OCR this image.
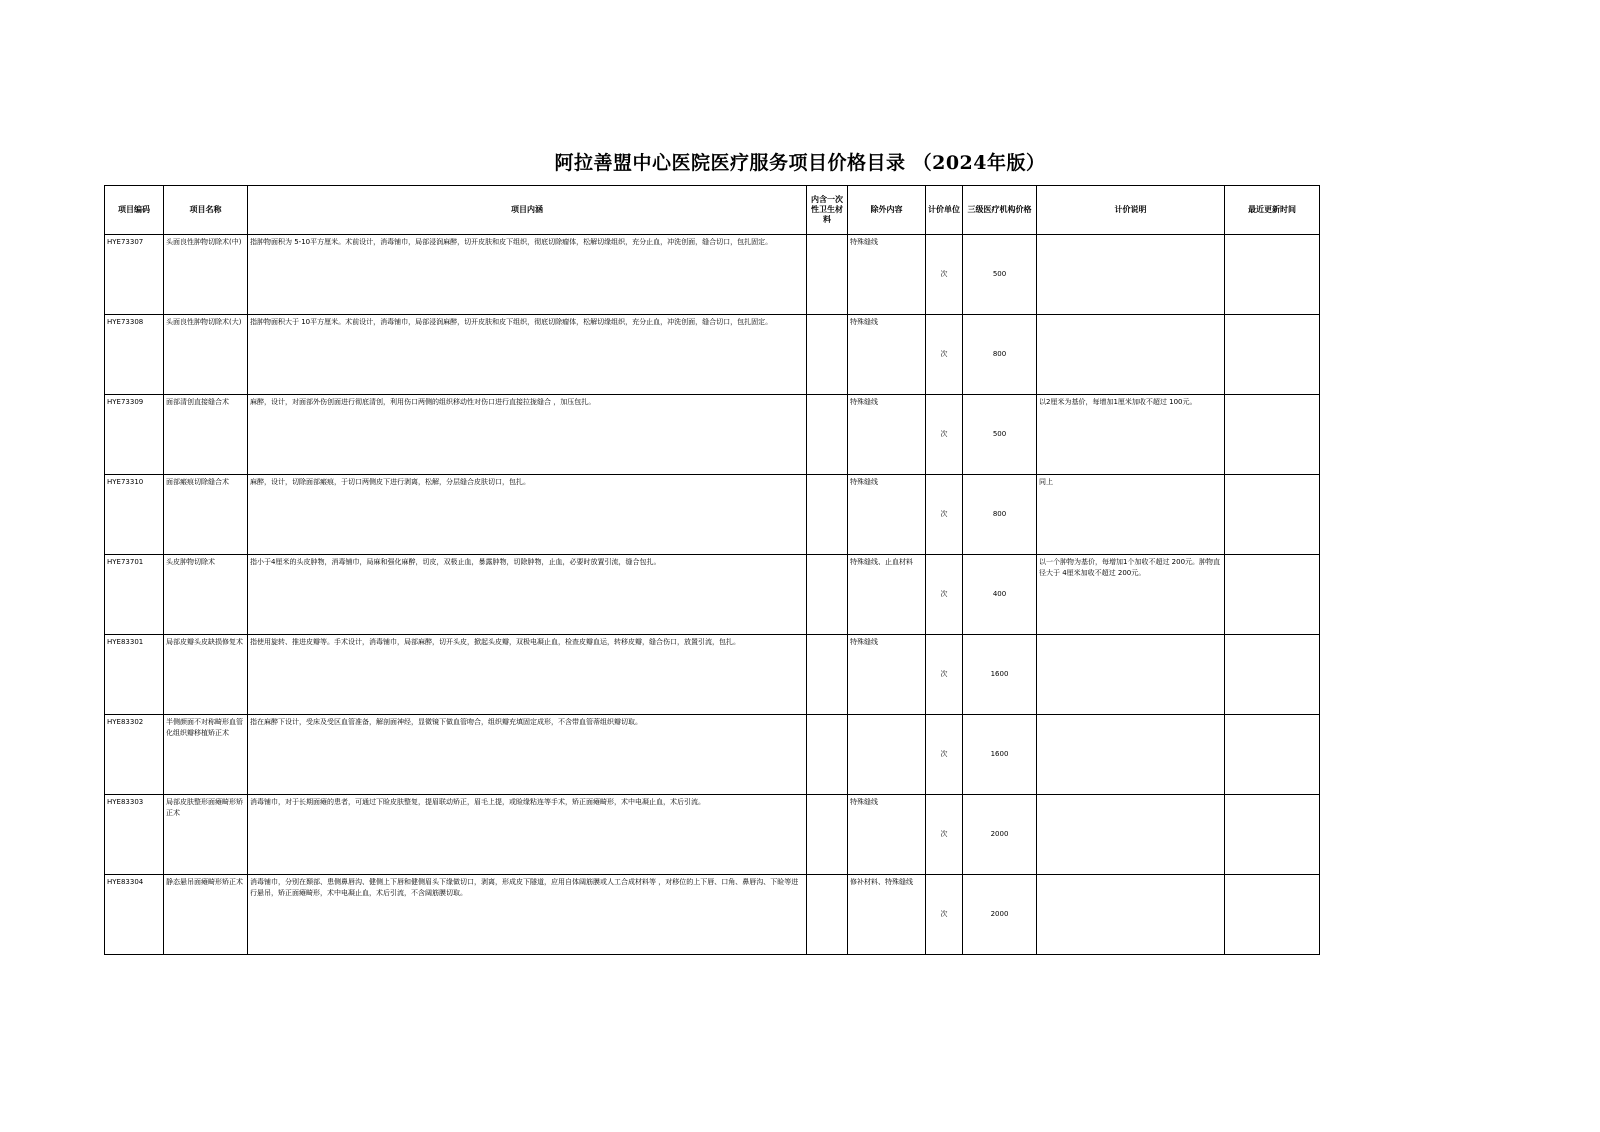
阿拉善盟中心医院医疗服务项目价格目录 （2024年版）
项目编码	项目名称	项目内涵	内含一次性卫生材料	除外内容	计价单位	三级医疗机构价格	计价说明	最近更新时间
HYE73307	头面良性肿物切除术(中)	指肿物面积为 5-10平方厘米。术前设计，消毒铺巾，局部浸润麻醉，切开皮肤和皮下组织，彻底切除瘤体，松解切缘组织，充分止血，冲洗创面，缝合切口，包扎固定。		特殊缝线	次	500		
HYE73308	头面良性肿物切除术(大)	指肿物面积大于 10平方厘米。术前设计，消毒铺巾，局部浸润麻醉，切开皮肤和皮下组织，彻底切除瘤体，松解切缘组织，充分止血，冲洗创面，缝合切口，包扎固定。		特殊缝线	次	800		
HYE73309	面部清创直接缝合术	麻醉，设计，对面部外伤创面进行彻底清创，利用伤口两侧的组织移动性对伤口进行直接拉拢缝合 ，加压包扎。		特殊缝线	次	500	以2厘米为基价，每增加1厘米加收不超过 100元。	
HYE73310	面部瘢痕切除缝合术	麻醉，设计，切除面部瘢痕，于切口两侧皮下进行剥离，松解，分层缝合皮肤切口，包扎。		特殊缝线	次	800	同上	
HYE73701	头皮肿物切除术	指小于4厘米的头皮肿物，消毒铺巾，局麻和强化麻醉，切皮，双极止血，暴露肿物，切除肿物，止血，必要时放置引流，缝合包扎。		特殊缝线、止血材料	次	400	以一个肿物为基价，每增加1个加收不超过 200元。肿物直径大于 4厘米加收不超过 200元。	
HYE83301	局部皮瓣头皮缺损修复术	指使用旋转、推进皮瓣等。手术设计，消毒铺巾，局部麻醉，切开头皮，掀起头皮瓣，双极电凝止血，检查皮瓣血运，转移皮瓣，缝合伤口，放置引流，包扎。		特殊缝线	次	1600		
HYE83302	半侧颜面不对称畸形血管化组织瓣移植矫正术	指在麻醉下设计，受床及受区血管准备，解剖面神经，显微镜下做血管吻合，组织瓣充填固定成形，不含带血管蒂组织瓣切取。			次	1600		
HYE83303	局部皮肤整形面瘫畸形矫正术	消毒铺巾，对于长期面瘫的患者，可通过下睑皮肤整复，提眉联动矫正，眉毛上提，或睑缘粘连等手术，矫正面瘫畸形，术中电凝止血，术后引流。		特殊缝线	次	2000		
HYE83304	静态悬吊面瘫畸形矫正术	消毒铺巾，分别在颞部、患侧鼻唇沟、健侧上下唇和健侧眉头下缘做切口，剥离，形成皮下隧道，应用自体阔筋膜或人工合成材料等 ，对移位的上下唇、口角、鼻唇沟、下睑等进行悬吊，矫正面瘫畸形，术中电凝止血，术后引流，不含阔筋膜切取。		修补材料、特殊缝线	次	2000		
